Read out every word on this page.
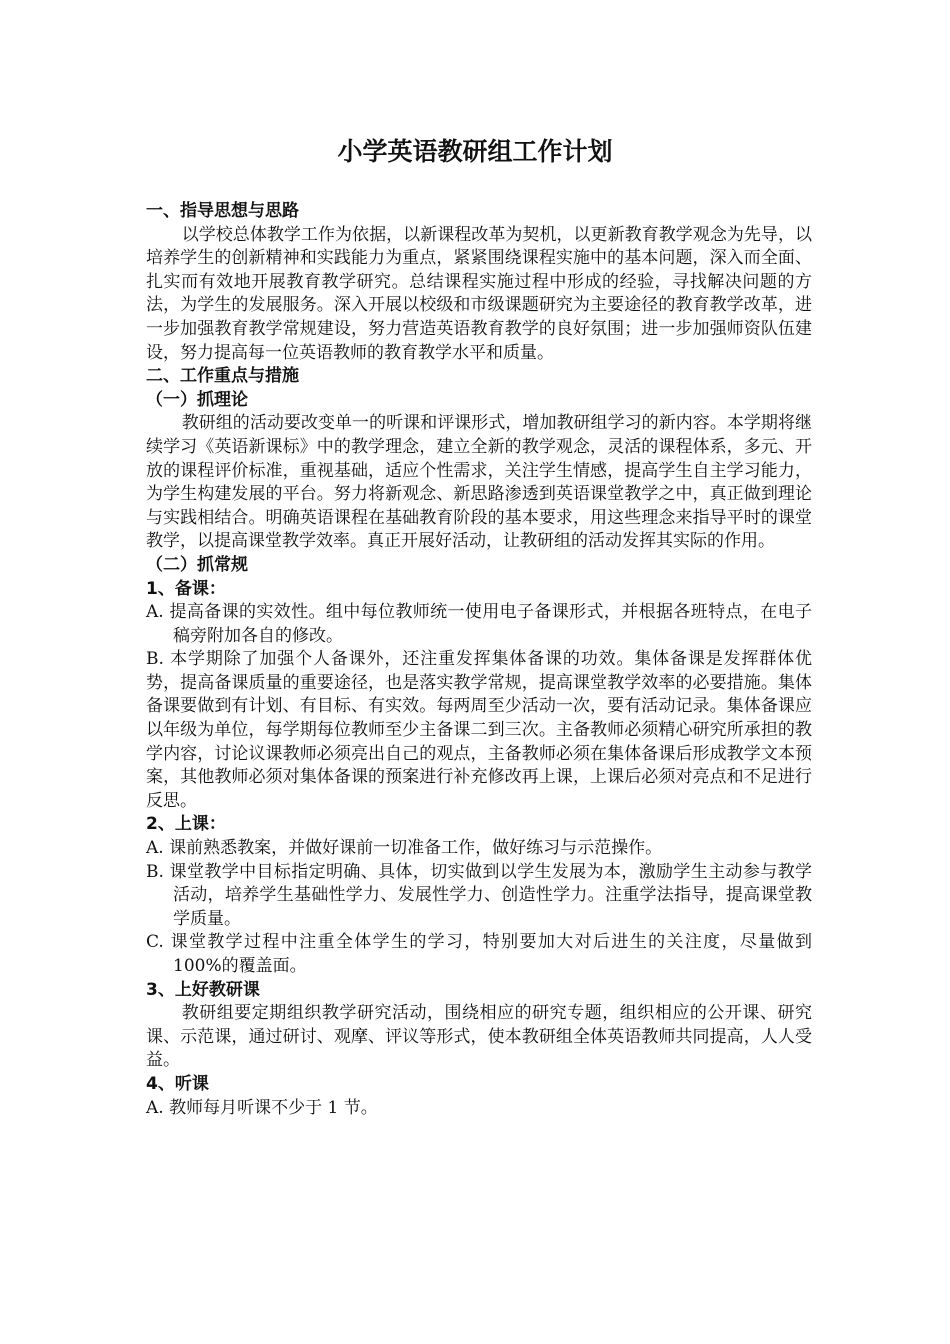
小学英语教研组工作计划
一、指导思想与思路

以学校总体教学工作为依据，以新课程改革为契机，以更新教育教学观念为先导，以培养学生的创新精神和实践能力为重点，紧紧围绕课程实施中的基本问题，深入而全面、扎实而有效地开展教育教学研究。总结课程实施过程中形成的经验，寻找解决问题的方法，为学生的发展服务。深入开展以校级和市级课题研究为主要途径的教育教学改革，进一步加强教育教学常规建设，努力营造英语教育教学的良好氛围；进一步加强师资队伍建设，努力提高每一位英语教师的教育教学水平和质量。

二、工作重点与措施
（一）抓理论

教研组的活动要改变单一的听课和评课形式，增加教研组学习的新内容。本学期将继续学习《英语新课标》中的教学理念，建立全新的教学观念，灵活的课程体系，多元、开放的课程评价标准，重视基础，适应个性需求，关注学生情感，提高学生自主学习能力，为学生构建发展的平台。努力将新观念、新思路渗透到英语课堂教学之中，真正做到理论与实践相结合。明确英语课程在基础教育阶段的基本要求，用这些理念来指导平时的课堂教学，以提高课堂教学效率。真正开展好活动，让教研组的活动发挥其实际的作用。

（二）抓常规
1、备课：

A. 提高备课的实效性。组中每位教师统一使用电子备课形式，并根据各班特点，在电子稿旁附加各自的修改。

B. 本学期除了加强个人备课外，还注重发挥集体备课的功效。集体备课是发挥群体优势，提高备课质量的重要途径，也是落实教学常规，提高课堂教学效率的必要措施。集体备课要做到有计划、有目标、有实效。每两周至少活动一次，要有活动记录。集体备课应以年级为单位，每学期每位教师至少主备课二到三次。主备教师必须精心研究所承担的教学内容，讨论议课教师必须亮出自己的观点，主备教师必须在集体备课后形成教学文本预案，其他教师必须对集体备课的预案进行补充修改再上课，上课后必须对亮点和不足进行反思。

2、上课：

A. 课前熟悉教案，并做好课前一切准备工作，做好练习与示范操作。

B. 课堂教学中目标指定明确、具体，切实做到以学生发展为本，激励学生主动参与教学活动，培养学生基础性学力、发展性学力、创造性学力。注重学法指导，提高课堂教学质量。

C. 课堂教学过程中注重全体学生的学习，特别要加大对后进生的关注度，尽量做到100%的覆盖面。

3、上好教研课

教研组要定期组织教学研究活动，围绕相应的研究专题，组织相应的公开课、研究课、示范课，通过研讨、观摩、评议等形式，使本教研组全体英语教师共同提高，人人受益。

4、听课

A. 教师每月听课不少于 1 节。
